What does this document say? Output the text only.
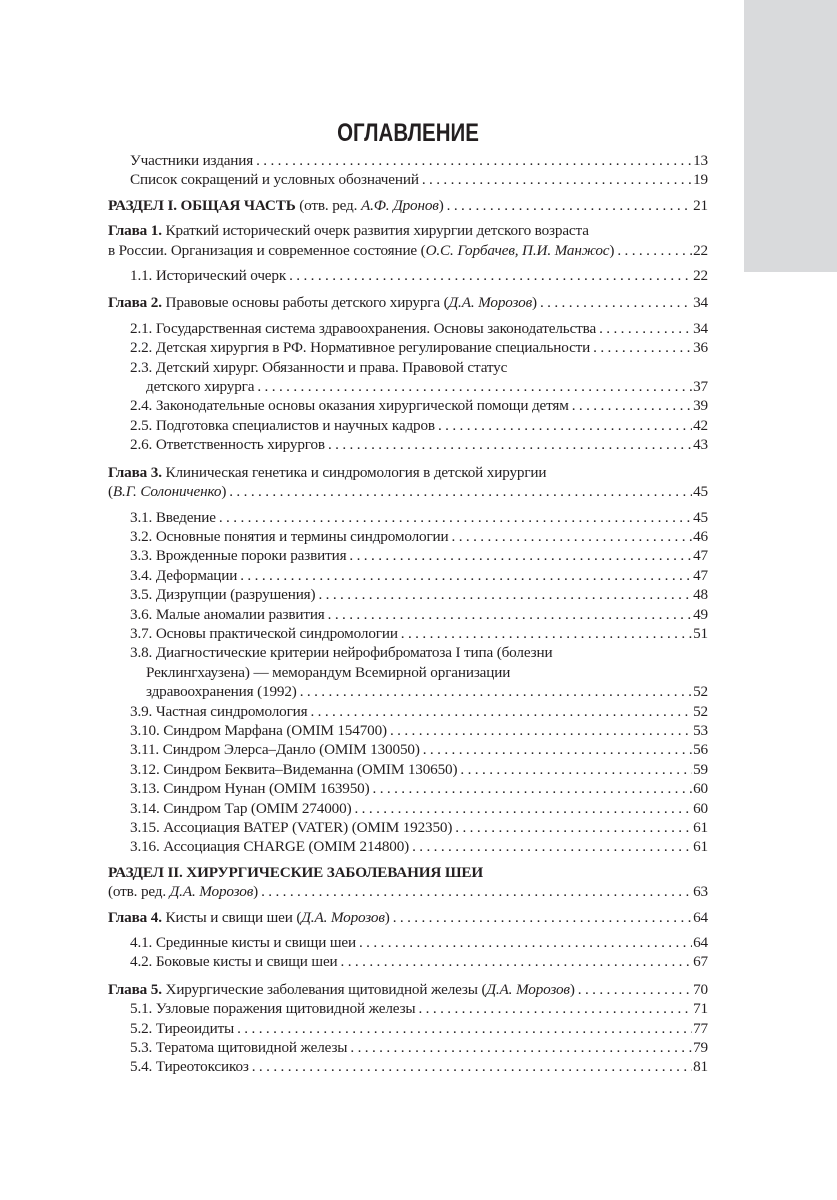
ОГЛАВЛЕНИЕ
Участники издания . . .	13
Список сокращений и условных обозначений . . .	19
РАЗДЕЛ I. ОБЩАЯ ЧАСТЬ (отв. ред. А.Ф. Дронов) . . .	21
Глава 1. Краткий исторический очерк развития хирургии детского возраста
в России. Организация и современное состояние (О.С. Горбачев, П.И. Манжос) . . .	22
1.1. Исторический очерк . . .	22
Глава 2. Правовые основы работы детского хирурга (Д.А. Морозов) . . .	34
2.1. Государственная система здравоохранения. Основы законодательства . . .	34
2.2. Детская хирургия в РФ. Нормативное регулирование специальности . . .	36
2.3. Детский хирург. Обязанности и права. Правовой статус
детского хирурга . . .	37
2.4. Законодательные основы оказания хирургической помощи детям . . .	39
2.5. Подготовка специалистов и научных кадров . . .	42
2.6. Ответственность хирургов . . .	43
Глава 3. Клиническая генетика и синдромология в детской хирургии
(В.Г. Солониченко) . . .	45
3.1. Введение . . .	45
3.2. Основные понятия и термины синдромологии . . .	46
3.3. Врожденные пороки развития . . .	47
3.4. Деформации . . .	47
3.5. Дизрупции (разрушения) . . .	48
3.6. Малые аномалии развития . . .	49
3.7. Основы практической синдромологии . . .	51
3.8. Диагностические критерии нейрофиброматоза I типа (болезни
Реклингхаузена) — меморандум Всемирной организации
здравоохранения (1992) . . .	52
3.9. Частная синдромология . . .	52
3.10. Синдром Марфана (OMIM 154700) . . .	53
3.11. Синдром Элерса–Данло (OMIM 130050) . . .	56
3.12. Синдром Беквита–Видеманна (OMIM 130650) . . .	59
3.13. Синдром Нунан (OMIM 163950) . . .	60
3.14. Синдром Тар (OMIM 274000) . . .	60
3.15. Ассоциация ВАТЕР (VATER) (OMIM 192350) . . .	61
3.16. Ассоциация CHARGE (OMIM 214800) . . .	61
РАЗДЕЛ II. ХИРУРГИЧЕСКИЕ ЗАБОЛЕВАНИЯ ШЕИ
(отв. ред. Д.А. Морозов) . . .	63
Глава 4. Кисты и свищи шеи (Д.А. Морозов) . . .	64
4.1. Срединные кисты и свищи шеи . . .	64
4.2. Боковые кисты и свищи шеи . . .	67
Глава 5. Хирургические заболевания щитовидной железы (Д.А. Морозов) . . .	70
5.1. Узловые поражения щитовидной железы . . .	71
5.2. Тиреоидиты . . .	77
5.3. Тератома щитовидной железы . . .	79
5.4. Тиреотоксикоз . . .	81
